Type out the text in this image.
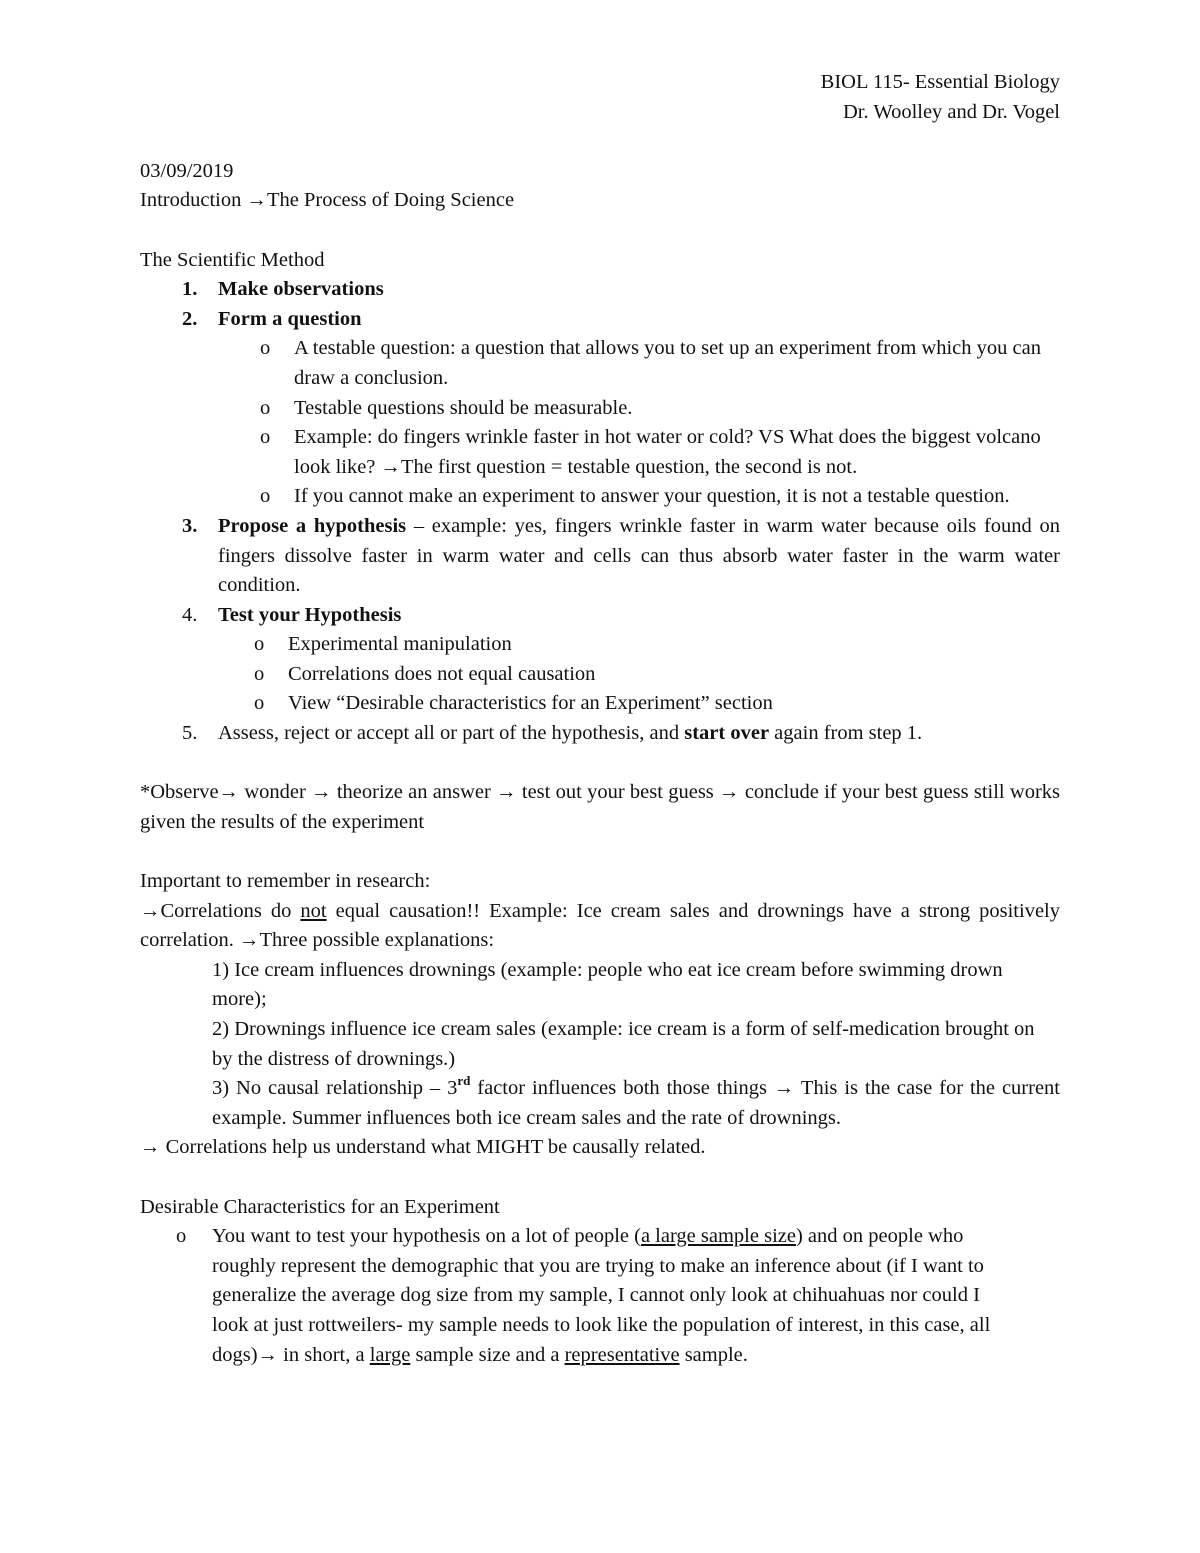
BIOL 115- Essential Biology

Dr. Woolley and Dr. Vogel

03/09/2019

Introduction →The Process of Doing Science

The Scientific Method

1.	Make observations
2.	Form a question
o A testable question: a question that allows you to set up an experiment from which you can draw a conclusion.
o Testable questions should be measurable.
o Example: do fingers wrinkle faster in hot water or cold? VS What does the biggest volcano look like? →The first question = testable question, the second is not.
o If you cannot make an experiment to answer your question, it is not a testable question.
3.	Propose a hypothesis – example: yes, fingers wrinkle faster in warm water because oils found on fingers dissolve faster in warm water and cells can thus absorb water faster in the warm water condition.
4.	Test your Hypothesis
o Experimental manipulation
o Correlations does not equal causation
o View “Desirable characteristics for an Experiment” section
5.	Assess, reject or accept all or part of the hypothesis, and start over again from step 1.

*Observe→ wonder → theorize an answer → test out your best guess → conclude if your best guess still works given the results of the experiment

Important to remember in research:

→Correlations do not equal causation!! Example: Ice cream sales and drownings have a strong positively correlation. →Three possible explanations:

1) Ice cream influences drownings (example: people who eat ice cream before swimming drown more);

2) Drownings influence ice cream sales (example: ice cream is a form of self-medication brought on by the distress of drownings.)

3) No causal relationship – 3rd factor influences both those things → This is the case for the current example. Summer influences both ice cream sales and the rate of drownings.

→ Correlations help us understand what MIGHT be causally related.

Desirable Characteristics for an Experiment

o You want to test your hypothesis on a lot of people (a large sample size) and on people who roughly represent the demographic that you are trying to make an inference about (if I want to generalize the average dog size from my sample, I cannot only look at chihuahuas nor could I look at just rottweilers- my sample needs to look like the population of interest, in this case, all dogs)→ in short, a large sample size and a representative sample.
